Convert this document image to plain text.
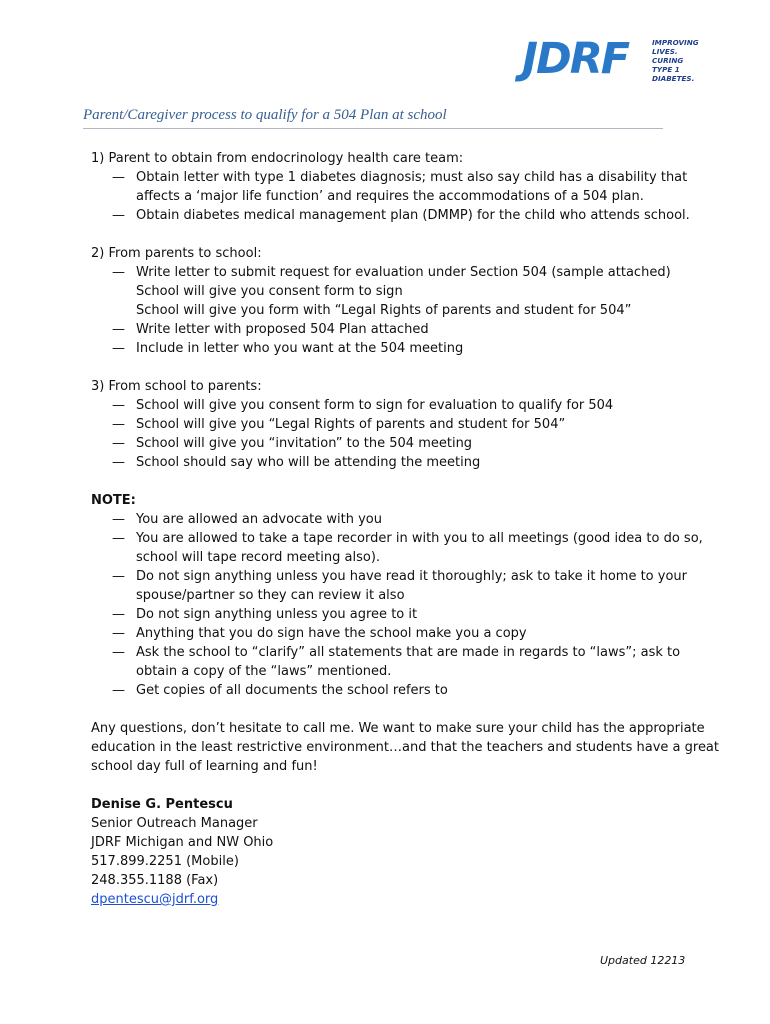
JDRF	IMPROVING
LIVES.
CURING
TYPE 1
DIABETES.
Parent/Caregiver process to qualify for a 504 Plan at school
1) Parent to obtain from endocrinology health care team:
— Obtain letter with type 1 diabetes diagnosis; must also say child has a disability that
affects a ‘major life function’ and requires the accommodations of a 504 plan.
— Obtain diabetes medical management plan (DMMP) for the child who attends school.
2) From parents to school:
— Write letter to submit request for evaluation under Section 504 (sample attached)
School will give you consent form to sign
School will give you form with “Legal Rights of parents and student for 504”
— Write letter with proposed 504 Plan attached
— Include in letter who you want at the 504 meeting
3) From school to parents:
— School will give you consent form to sign for evaluation to qualify for 504
— School will give you “Legal Rights of parents and student for 504”
— School will give you “invitation” to the 504 meeting
— School should say who will be attending the meeting
NOTE:
— You are allowed an advocate with you
— You are allowed to take a tape recorder in with you to all meetings (good idea to do so,
school will tape record meeting also).
— Do not sign anything unless you have read it thoroughly; ask to take it home to your
spouse/partner so they can review it also
— Do not sign anything unless you agree to it
— Anything that you do sign have the school make you a copy
— Ask the school to “clarify” all statements that are made in regards to “laws”; ask to
obtain a copy of the “laws” mentioned.
— Get copies of all documents the school refers to
Any questions, don’t hesitate to call me. We want to make sure your child has the appropriate
education in the least restrictive environment…and that the teachers and students have a great
school day full of learning and fun!
Denise G. Pentescu
Senior Outreach Manager
JDRF Michigan and NW Ohio
517.899.2251 (Mobile)
248.355.1188 (Fax)
dpentescu@jdrf.org
Updated 12213
